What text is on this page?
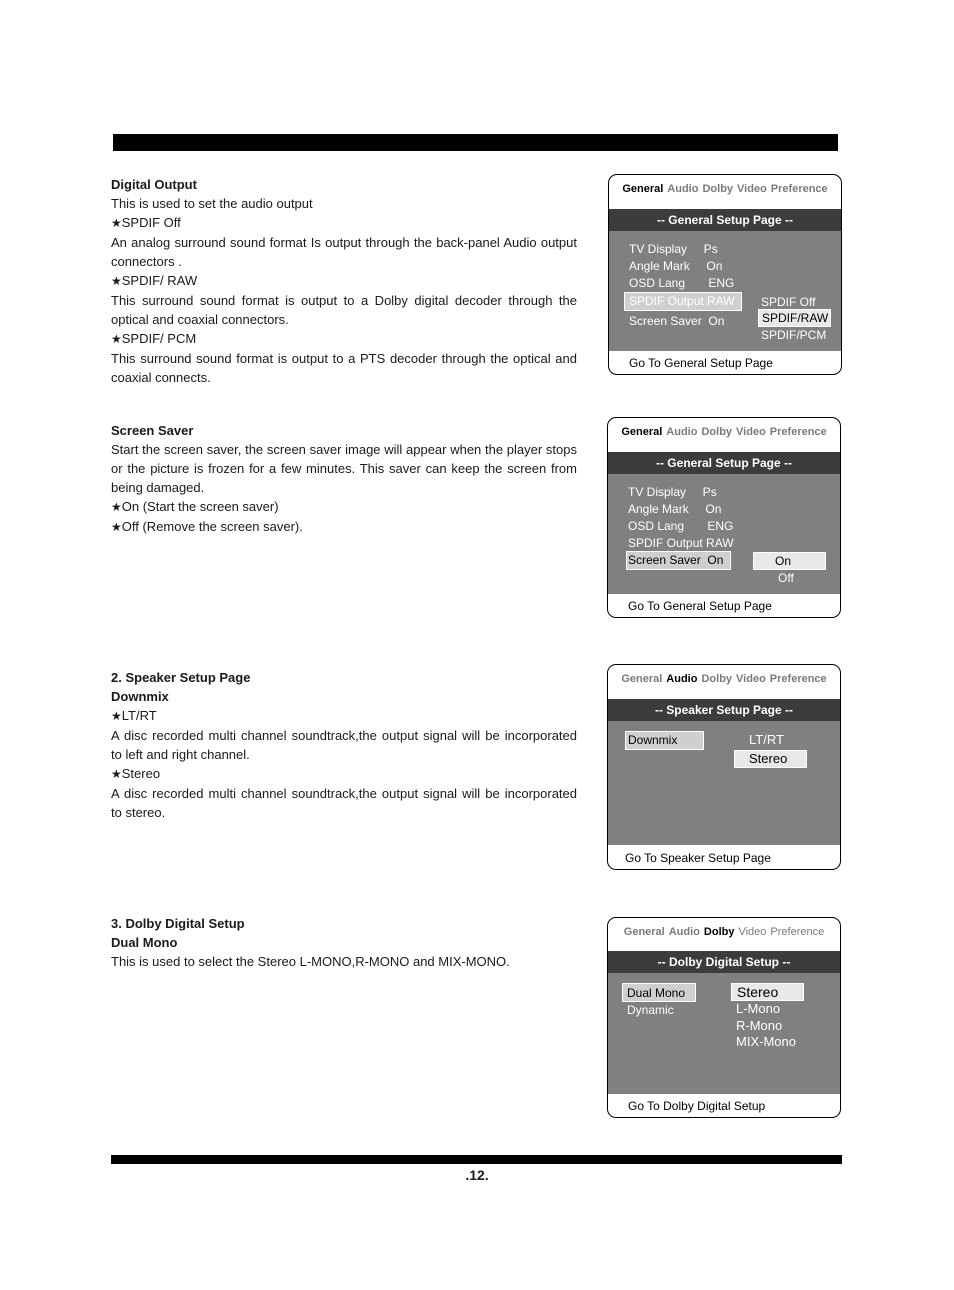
Digital Output

This is used to set the audio output

★SPDIF Off

An analog surround sound format Is output through the back-panel Audio output connectors .

★SPDIF/ RAW

This surround sound format is output to a Dolby digital decoder through the optical and coaxial connectors.

★SPDIF/ PCM

This surround sound format is output to a PTS decoder through the optical and coaxial connects.

General Audio Dolby Video Preference
-- General Setup Page --
TV Display     Ps
Angle Mark     On
OSD Lang       ENG
SPDIF Output RAW
Screen Saver  On
SPDIF Off
SPDIF/RAW
SPDIF/PCM
Go To General Setup Page

Screen Saver

Start the screen saver, the screen saver image will appear when the player stops or the picture is frozen for a few minutes. This saver can keep the screen from being damaged.

★On (Start the screen saver)

★Off (Remove the screen saver).

General Audio Dolby Video Preference
-- General Setup Page --
TV Display     Ps
Angle Mark     On
OSD Lang       ENG
SPDIF Output RAW
Screen Saver  On	On
Off
Go To General Setup Page

2. Speaker Setup Page

Downmix

★LT/RT

A disc recorded multi channel soundtrack,the output signal will be incorporated to left and right channel.

★Stereo

A disc recorded multi channel soundtrack,the output signal will be incorporated to stereo.

General Audio Dolby Video Preference
-- Speaker Setup Page --
Downmix	LT/RT
Stereo
Go To Speaker Setup Page

3. Dolby Digital Setup

Dual Mono

This is used to select the Stereo L-MONO,R-MONO and MIX-MONO.

General Audio Dolby Video Preference
-- Dolby Digital Setup --
Dual Mono
Dynamic
Stereo
L-Mono
R-Mono
MIX-Mono
Go To Dolby Digital Setup
.12.
